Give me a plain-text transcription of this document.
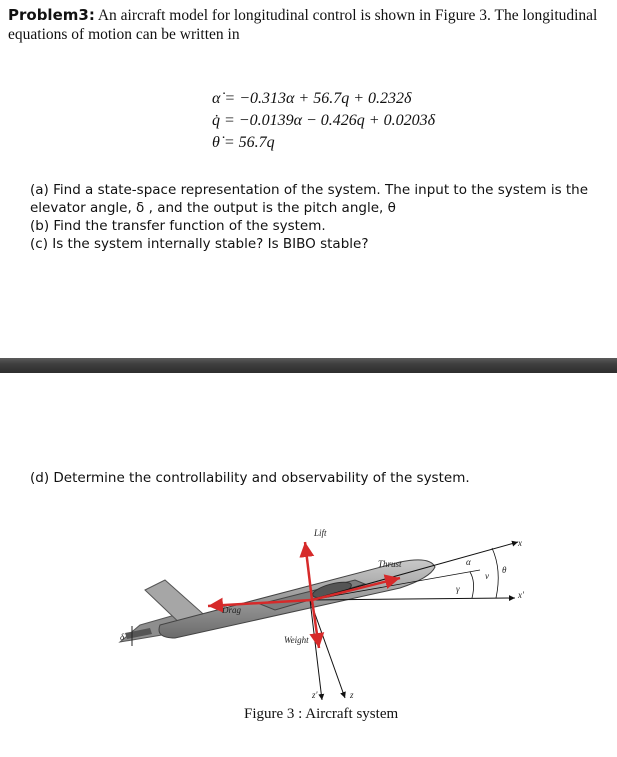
Problem3: An aircraft model for longitudinal control is shown in Figure 3. The longitudinal equations of motion can be written in
α̇ = −0.313α + 56.7q + 0.232δ
q̇ = −0.0139α − 0.426q + 0.0203δ
θ̇ = 56.7q
(a) Find a state-space representation of the system. The input to the system is the
elevator angle, δ , and the output is the pitch angle, θ
(b) Find the transfer function of the system.
(c) Is the system internally stable? Is BIBO stable?
(d) Determine the controllability and observability of the system.
Lift
Thrust
Drag
Weight
δ
α
γ
v
θ
x
x'
z'	z
Figure 3 : Aircraft system
